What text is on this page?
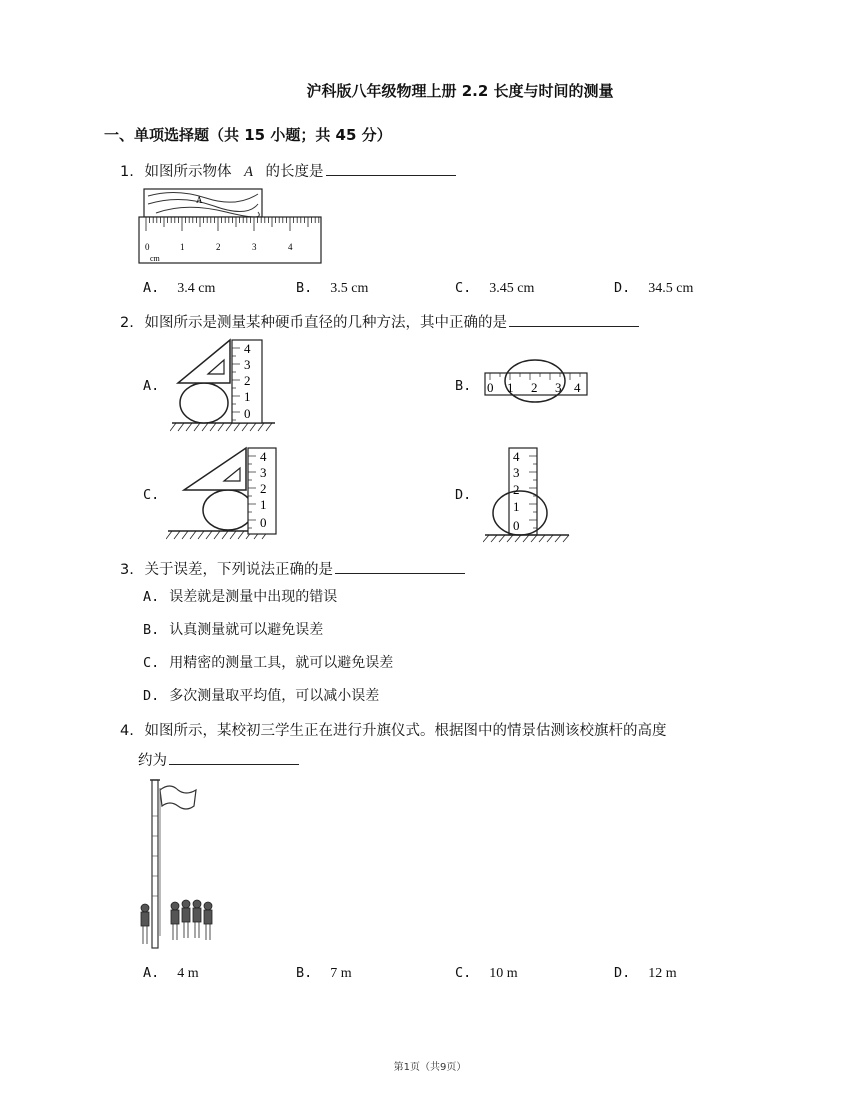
沪科版八年级物理上册 2.2 长度与时间的测量
一、单项选择题（共 15 小题；共 45 分）
1. 如图所示物体 A 的长度是
A
0	1	2	3	4
cm
A. 3.4 cm	B. 3.5 cm	C. 3.45 cm	D. 34.5 cm
2. 如图所示是测量某种硬币直径的几种方法，其中正确的是
A.
4
3
2
1
0
B. 0 1 2 3 4
C.
4
3
2
1
0
D.
4
3
2
1
0
3. 关于误差，下列说法正确的是
A. 误差就是测量中出现的错误
B. 认真测量就可以避免误差
C. 用精密的测量工具，就可以避免误差
D. 多次测量取平均值，可以减小误差
4. 如图所示，某校初三学生正在进行升旗仪式。根据图中的情景估测该校旗杆的高度
约为
A. 4 m	B. 7 m	C. 10 m	D. 12 m
第1页（共9页）
